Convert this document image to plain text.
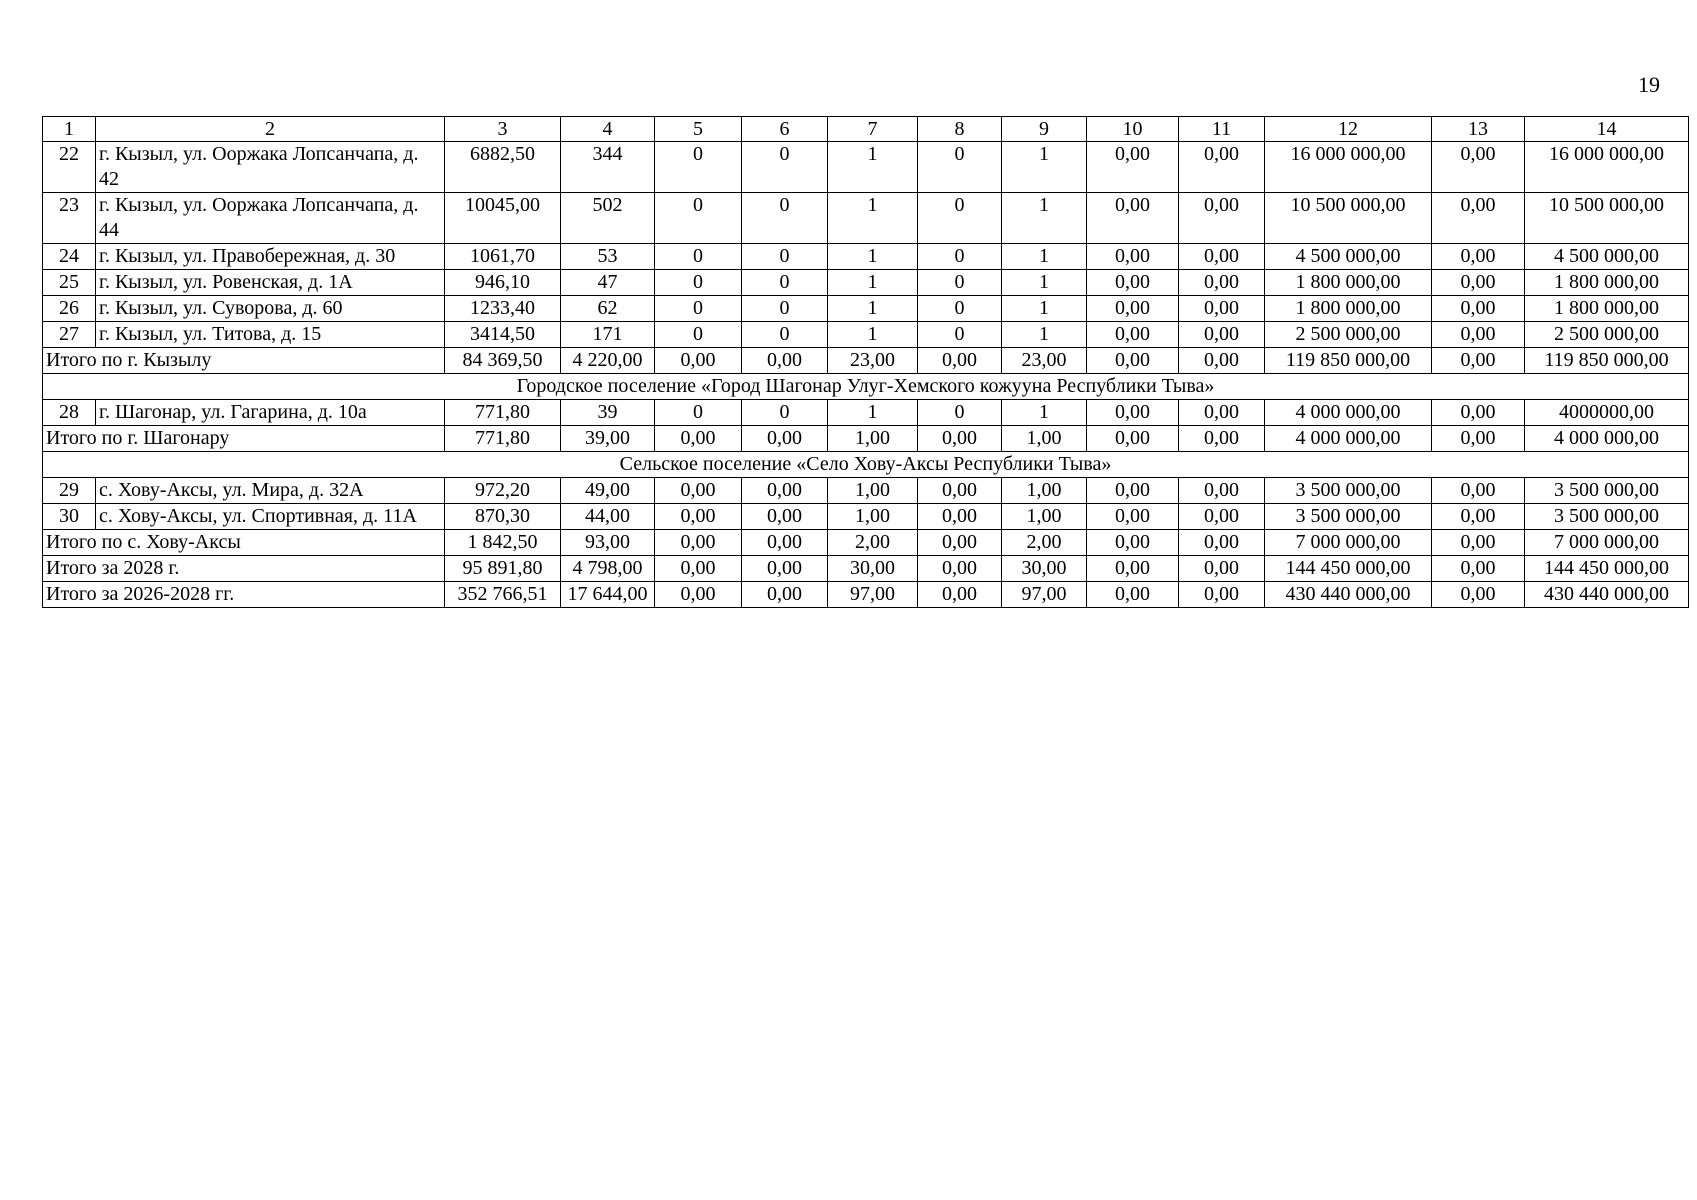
19
1	2	3	4	5	6	7	8	9	10	11	12	13	14
22	г. Кызыл, ул. Ооржака Лопсанчапа, д. 42	6882,50	344	0	0	1	0	1	0,00	0,00	16 000 000,00	0,00	16 000 000,00
23	г. Кызыл, ул. Ооржака Лопсанчапа, д. 44	10045,00	502	0	0	1	0	1	0,00	0,00	10 500 000,00	0,00	10 500 000,00
24	г. Кызыл, ул. Правобережная, д. 30	1061,70	53	0	0	1	0	1	0,00	0,00	4 500 000,00	0,00	4 500 000,00
25	г. Кызыл, ул. Ровенская, д. 1А	946,10	47	0	0	1	0	1	0,00	0,00	1 800 000,00	0,00	1 800 000,00
26	г. Кызыл, ул. Суворова, д. 60	1233,40	62	0	0	1	0	1	0,00	0,00	1 800 000,00	0,00	1 800 000,00
27	г. Кызыл, ул. Титова, д. 15	3414,50	171	0	0	1	0	1	0,00	0,00	2 500 000,00	0,00	2 500 000,00
Итого по г. Кызылу		84 369,50	4 220,00	0,00	0,00	23,00	0,00	23,00	0,00	0,00	119 850 000,00	0,00	119 850 000,00
Городское поселение «Город Шагонар Улуг-Хемского кожууна Республики Тыва»													
28	г. Шагонар, ул. Гагарина, д. 10а	771,80	39	0	0	1	0	1	0,00	0,00	4 000 000,00	0,00	4000000,00
Итого по г. Шагонару		771,80	39,00	0,00	0,00	1,00	0,00	1,00	0,00	0,00	4 000 000,00	0,00	4 000 000,00
Сельское поселение «Село Хову-Аксы Республики Тыва»													
29	с. Хову-Аксы, ул. Мира, д. 32А	972,20	49,00	0,00	0,00	1,00	0,00	1,00	0,00	0,00	3 500 000,00	0,00	3 500 000,00
30	с. Хову-Аксы, ул. Спортивная, д. 11А	870,30	44,00	0,00	0,00	1,00	0,00	1,00	0,00	0,00	3 500 000,00	0,00	3 500 000,00
Итого по с. Хову-Аксы		1 842,50	93,00	0,00	0,00	2,00	0,00	2,00	0,00	0,00	7 000 000,00	0,00	7 000 000,00
Итого за 2028 г.		95 891,80	4 798,00	0,00	0,00	30,00	0,00	30,00	0,00	0,00	144 450 000,00	0,00	144 450 000,00
Итого за 2026-2028 гг.		352 766,51	17 644,00	0,00	0,00	97,00	0,00	97,00	0,00	0,00	430 440 000,00	0,00	430 440 000,00
